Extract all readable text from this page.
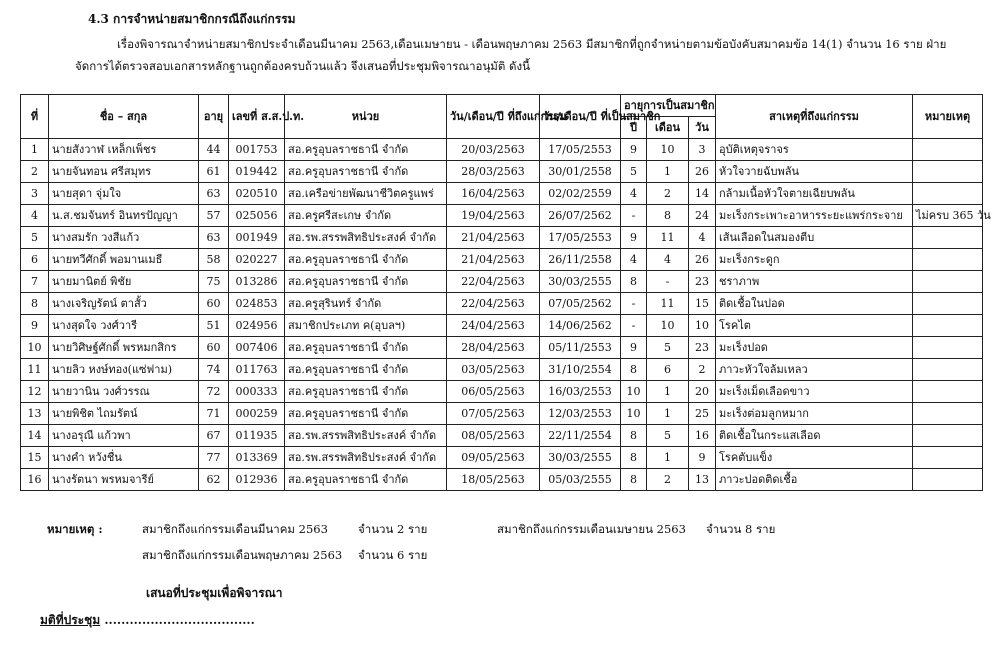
4.3 การจำหน่ายสมาชิกกรณีถึงแก่กรรม
เรื่องพิจารณาจำหน่ายสมาชิกประจำเดือนมีนาคม 2563,เดือนเมษายน - เดือนพฤษภาคม 2563 มีสมาชิกที่ถูกจำหน่ายตามข้อบังคับสมาคมข้อ 14(1) จำนวน 16 ราย ฝ่ายจัดการได้ตรวจสอบเอกสารหลักฐานถูกต้องครบถ้วนแล้ว จึงเสนอที่ประชุมพิจารณาอนุมัติ ดังนี้
ที่	ชื่อ – สกุล	อายุ	เลขที่ ส.ส.ป.ท.	หน่วย	วัน/เดือน/ปี ที่ถึงแก่กรรม	วัน/เดือน/ปี ที่เป็นสมาชิก	อายุการเป็นสมาชิก			สาเหตุที่ถึงแก่กรรม	หมายเหตุ
							ปี	เดือน	วัน		
1	นายสังวาฬ เหล็กเพ็ชร	44	001753	สอ.ครูอุบลราชธานี จำกัด	20/03/2563	17/05/2553	9	10	3	อุบัติเหตุจราจร	
2	นายจันทอน ศรีสมุทร	61	019442	สอ.ครูอุบลราชธานี จำกัด	28/03/2563	30/01/2558	5	1	26	หัวใจวายฉับพลัน	
3	นายสุดา จุ่มใจ	63	020510	สอ.เครือข่ายพัฒนาชีวิตครูแพร่	16/04/2563	02/02/2559	4	2	14	กล้ามเนื้อหัวใจตายเฉียบพลัน	
4	น.ส.ชมจันทร์ อินทรปัญญา	57	025056	สอ.ครูศรีสะเกษ จำกัด	19/04/2563	26/07/2562	-	8	24	มะเร็งกระเพาะอาหารระยะแพร่กระจาย	ไม่ครบ 365 วัน
5	นางสมรัก วงสีแก้ว	63	001949	สอ.รพ.สรรพสิทธิประสงค์ จำกัด	21/04/2563	17/05/2553	9	11	4	เส้นเลือดในสมองตีบ	
6	นายทวีศักดิ์ พอมานเมธี	58	020227	สอ.ครูอุบลราชธานี จำกัด	21/04/2563	26/11/2558	4	4	26	มะเร็งกระดูก	
7	นายมานิตย์ พิชัย	75	013286	สอ.ครูอุบลราชธานี จำกัด	22/04/2563	30/03/2555	8	-	23	ชราภาพ	
8	นางเจริญรัตน์ ตาสั้ว	60	024853	สอ.ครูสุรินทร์ จำกัด	22/04/2563	07/05/2562	-	11	15	ติดเชื้อในปอด	
9	นางสุดใจ วงศ์วารี	51	024956	สมาชิกประเภท ค(อุบลฯ)	24/04/2563	14/06/2562	-	10	10	โรคไต	
10	นายวิศิษฐ์ศักดิ์ พรหมกสิกร	60	007406	สอ.ครูอุบลราชธานี จำกัด	28/04/2563	05/11/2553	9	5	23	มะเร็งปอด	
11	นายลิว หงษ์ทอง(แซ่ฟาม)	74	011763	สอ.ครูอุบลราชธานี จำกัด	03/05/2563	31/10/2554	8	6	2	ภาวะหัวใจล้มเหลว	
12	นายวานิน วงศ์วรรณ	72	000333	สอ.ครูอุบลราชธานี จำกัด	06/05/2563	16/03/2553	10	1	20	มะเร็งเม็ดเลือดขาว	
13	นายพิชิต ไถมรัตน์	71	000259	สอ.ครูอุบลราชธานี จำกัด	07/05/2563	12/03/2553	10	1	25	มะเร็งต่อมลูกหมาก	
14	นางอรุณี แก้วพา	67	011935	สอ.รพ.สรรพสิทธิประสงค์ จำกัด	08/05/2563	22/11/2554	8	5	16	ติดเชื้อในกระแสเลือด	
15	นางคำ หวังชื่น	77	013369	สอ.รพ.สรรพสิทธิประสงค์ จำกัด	09/05/2563	30/03/2555	8	1	9	โรคตับแข็ง	
16	นางรัตนา พรหมจารีย์	62	012936	สอ.ครูอุบลราชธานี จำกัด	18/05/2563	05/03/2555	8	2	13	ภาวะปอดติดเชื้อ	
หมายเหตุ :	สมาชิกถึงแก่กรรมเดือนมีนาคม 2563	จำนวน 2 ราย	สมาชิกถึงแก่กรรมเดือนเมษายน 2563 จำนวน 8 ราย
สมาชิกถึงแก่กรรมเดือนพฤษภาคม 2563 จำนวน 6 ราย
เสนอที่ประชุมเพื่อพิจารณา
มติที่ประชุม ....................................
